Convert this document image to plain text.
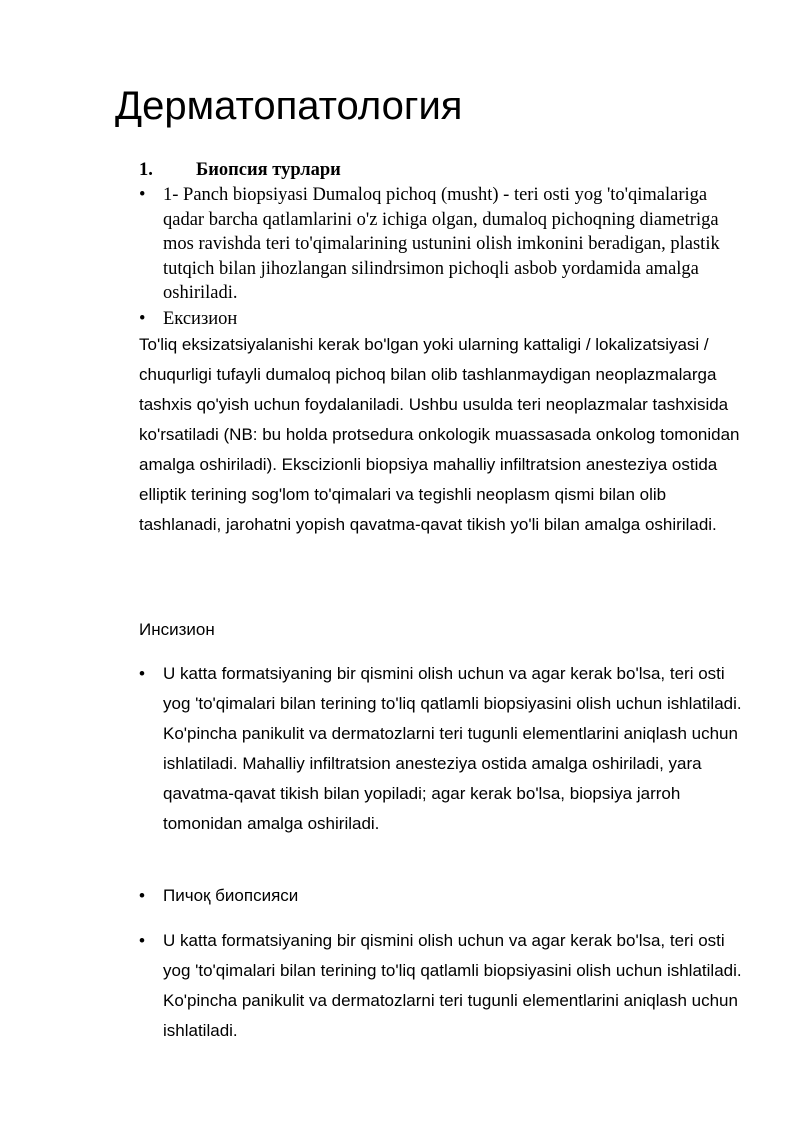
Дерматопатология
1. Биопсия турлари
• 1- Panch biopsiyasi Dumaloq pichoq (musht) - teri osti yog 'to'qimalariga qadar barcha qatlamlarini o'z ichiga olgan, dumaloq pichoqning diametriga mos ravishda teri to'qimalarining ustunini olish imkonini beradigan, plastik tutqich bilan jihozlangan silindrsimon pichoqli asbob yordamida amalga oshiriladi.
• Ексизион
To'liq eksizatsiyalanishi kerak bo'lgan yoki ularning kattaligi / lokalizatsiyasi / chuqurligi tufayli dumaloq pichoq bilan olib tashlanmaydigan neoplazmalarga tashxis qo'yish uchun foydalaniladi. Ushbu usulda teri neoplazmalar tashxisida ko'rsatiladi (NB: bu holda protsedura onkologik muassasada onkolog tomonidan amalga oshiriladi). Ekscizionli biopsiya mahalliy infiltratsion anesteziya ostida elliptik terining sog'lom to'qimalari va tegishli neoplasm qismi bilan olib tashlanadi, jarohatni yopish qavatma-qavat tikish yo'li bilan amalga oshiriladi.
Инсизион
• U katta formatsiyaning bir qismini olish uchun va agar kerak bo'lsa, teri osti yog 'to'qimalari bilan terining to'liq qatlamli biopsiyasini olish uchun ishlatiladi. Ko'pincha panikulit va dermatozlarni teri tugunli elementlarini aniqlash uchun ishlatiladi. Mahalliy infiltratsion anesteziya ostida amalga oshiriladi, yara qavatma-qavat tikish bilan yopiladi; agar kerak bo'lsa, biopsiya jarroh tomonidan amalga oshiriladi.
• Пичоқ биопсияси
• U katta formatsiyaning bir qismini olish uchun va agar kerak bo'lsa, teri osti yog 'to'qimalari bilan terining to'liq qatlamli biopsiyasini olish uchun ishlatiladi. Ko'pincha panikulit va dermatozlarni teri tugunli elementlarini aniqlash uchun ishlatiladi.
